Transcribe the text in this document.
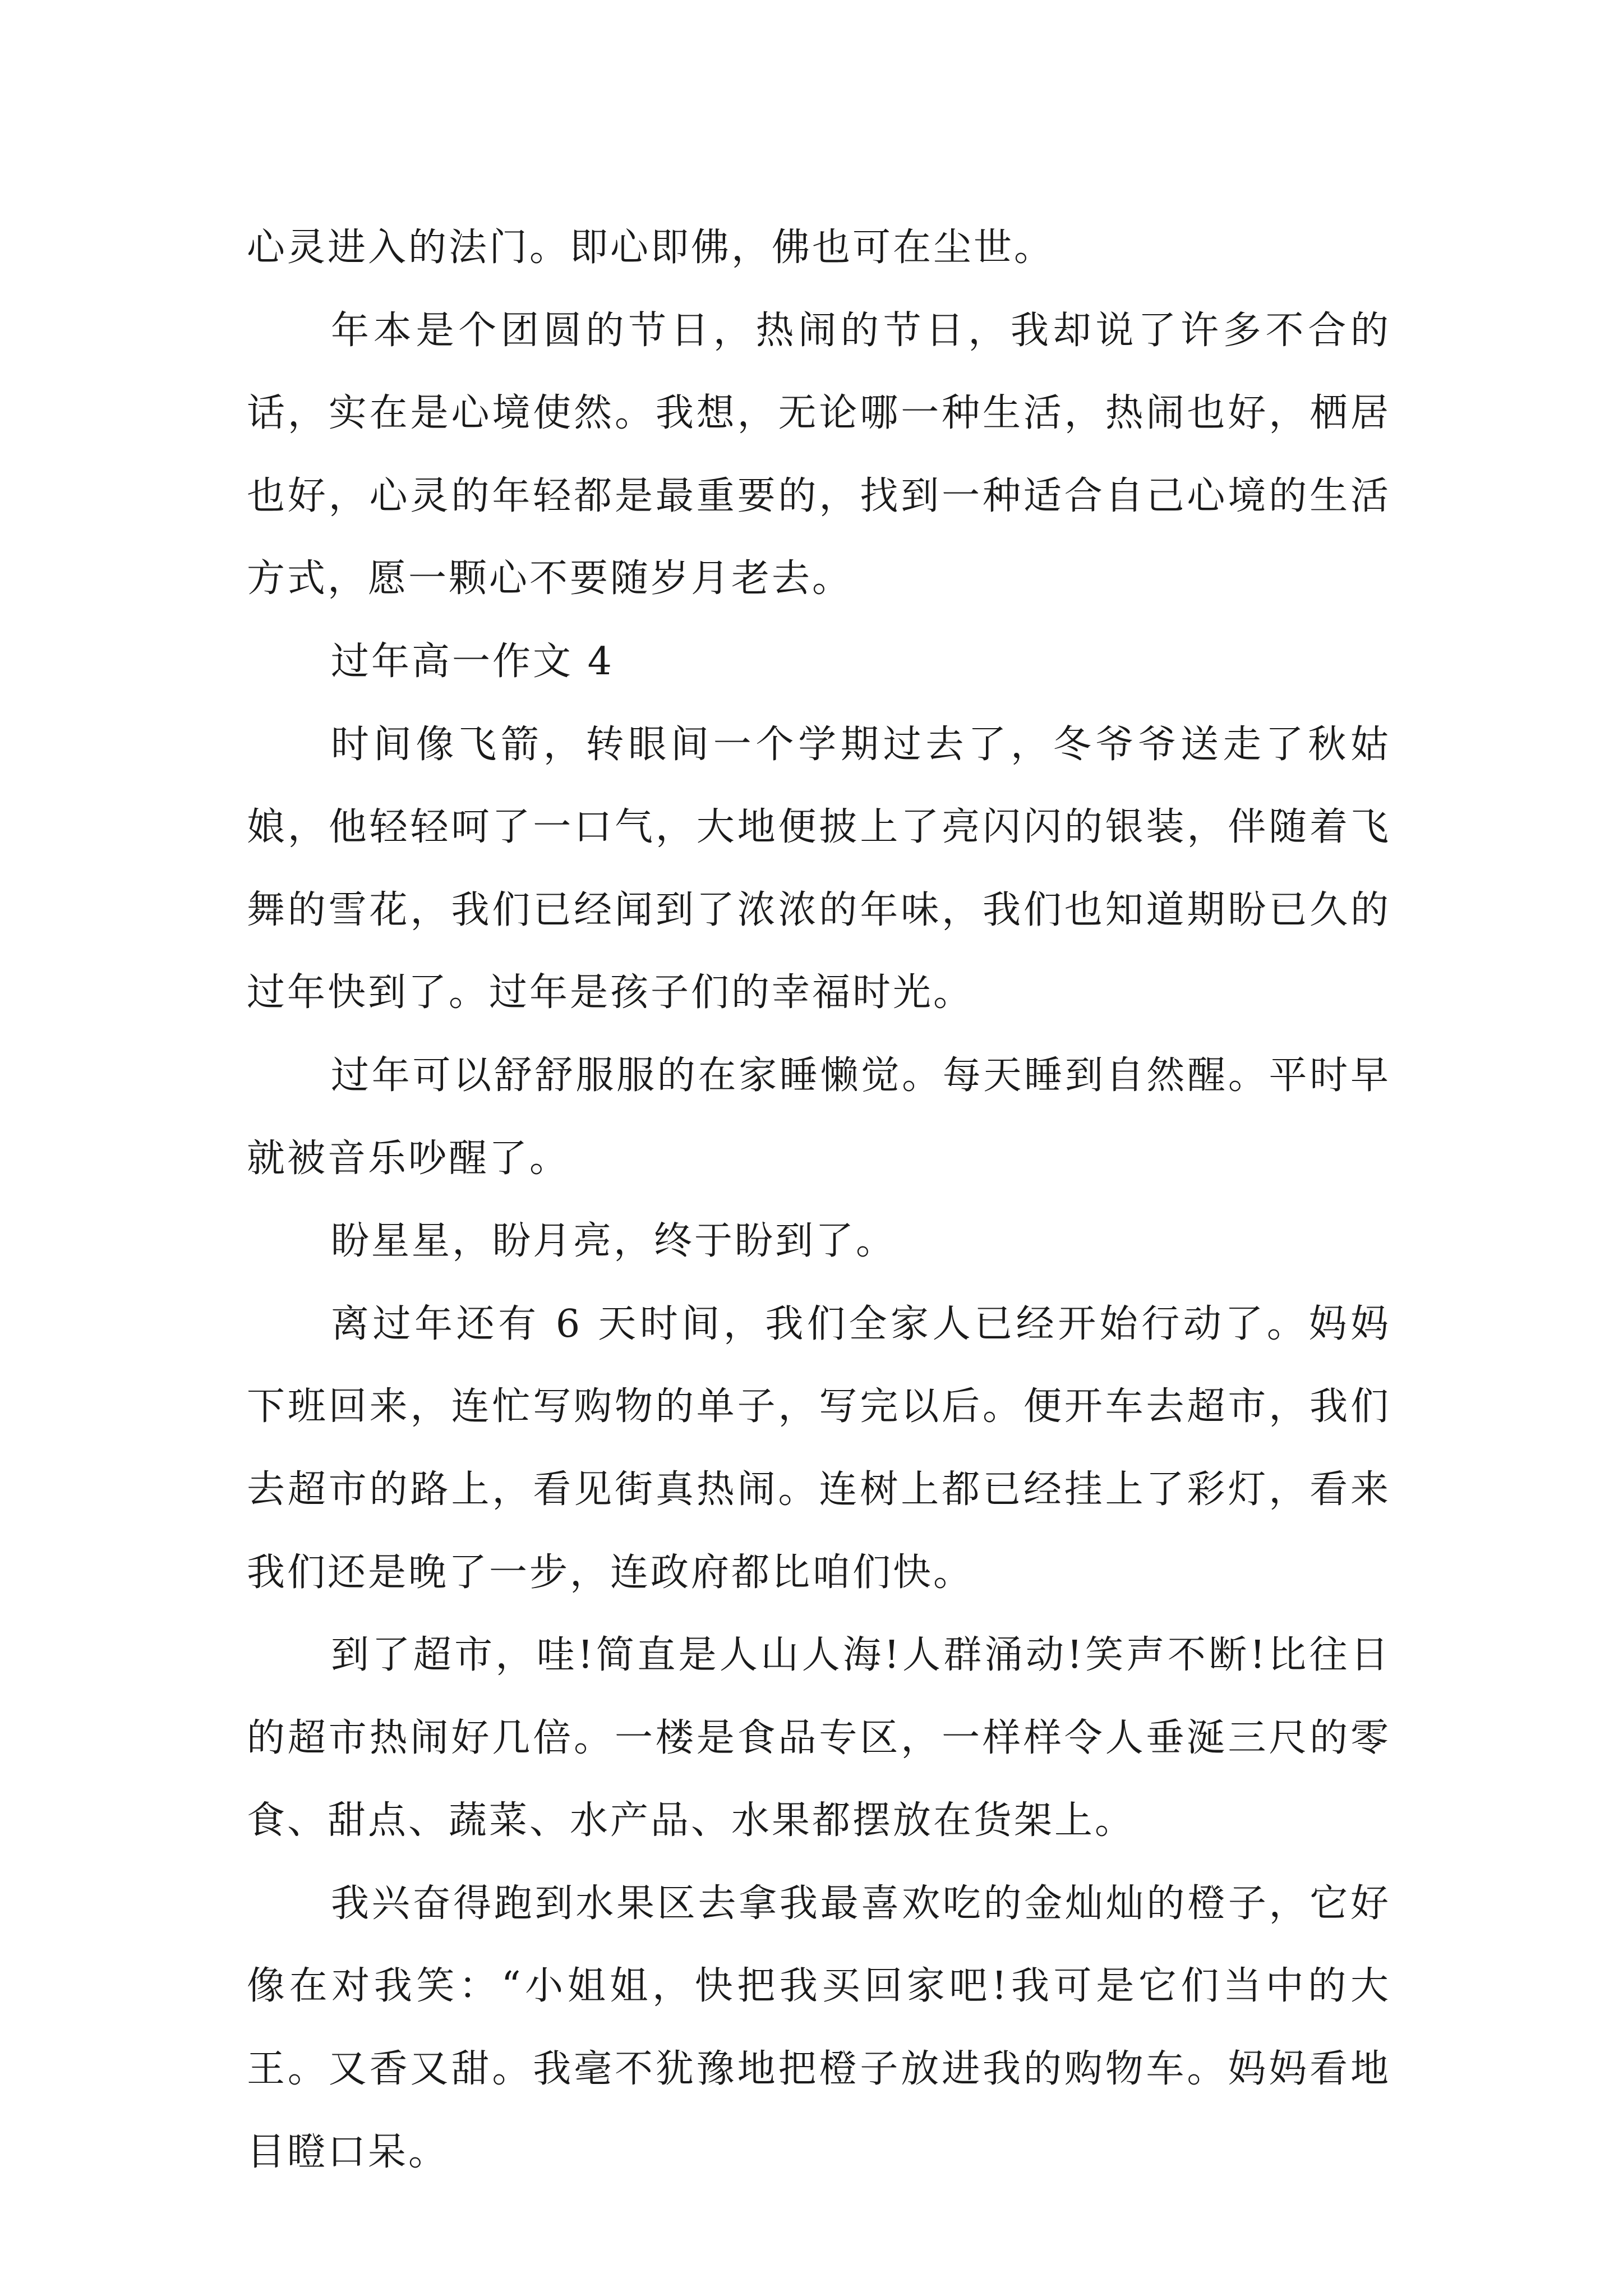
心灵进入的法门。即心即佛，佛也可在尘世。

年本是个团圆的节日，热闹的节日，我却说了许多不合的话，实在是心境使然。我想，无论哪一种生活，热闹也好，栖居也好，心灵的年轻都是最重要的，找到一种适合自己心境的生活方式，愿一颗心不要随岁月老去。

过年高一作文 4

时间像飞箭，转眼间一个学期过去了，冬爷爷送走了秋姑娘，他轻轻呵了一口气，大地便披上了亮闪闪的银装，伴随着飞舞的雪花，我们已经闻到了浓浓的年味，我们也知道期盼已久的过年快到了。过年是孩子们的幸福时光。

过年可以舒舒服服的在家睡懒觉。每天睡到自然醒。平时早就被音乐吵醒了。

盼星星，盼月亮，终于盼到了。

离过年还有 6 天时间，我们全家人已经开始行动了。妈妈下班回来，连忙写购物的单子，写完以后。便开车去超市，我们去超市的路上，看见街真热闹。连树上都已经挂上了彩灯，看来我们还是晚了一步，连政府都比咱们快。

到了超市，哇!简直是人山人海!人群涌动!笑声不断!比往日的超市热闹好几倍。一楼是食品专区，一样样令人垂涎三尺的零食、甜点、蔬菜、水产品、水果都摆放在货架上。

我兴奋得跑到水果区去拿我最喜欢吃的金灿灿的橙子，它好像在对我笑：“小姐姐，快把我买回家吧!我可是它们当中的大王。又香又甜。我毫不犹豫地把橙子放进我的购物车。妈妈看地目瞪口呆。
